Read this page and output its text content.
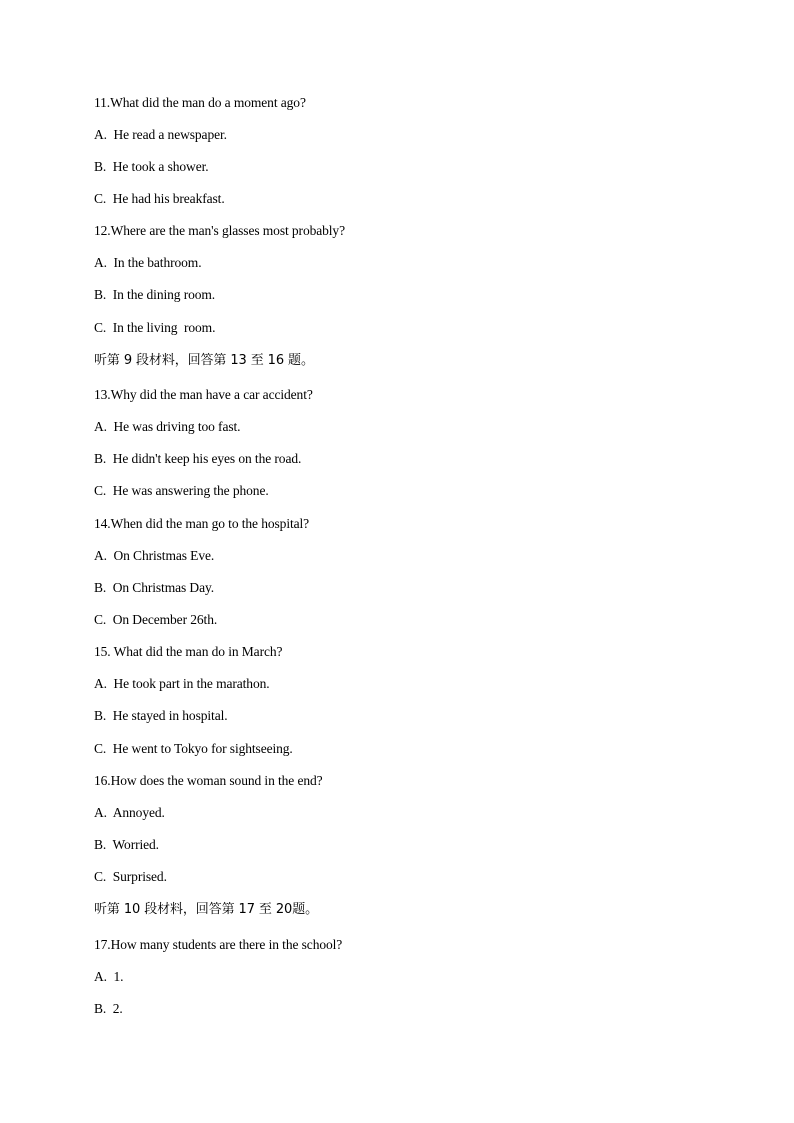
11.What did the man do a moment ago?
A.  He read a newspaper.
B.  He took a shower.
C.  He had his breakfast.
12.Where are the man's glasses most probably?
A.  In the bathroom.
B.  In the dining room.
C.  In the living  room.
听第 9 段材料，回答第 13 至 16 题。
13.Why did the man have a car accident?
A.  He was driving too fast.
B.  He didn't keep his eyes on the road.
C.  He was answering the phone.
14.When did the man go to the hospital?
A.  On Christmas Eve.
B.  On Christmas Day.
C.  On December 26th.
15. What did the man do in March?
A.  He took part in the marathon.
B.  He stayed in hospital.
C.  He went to Tokyo for sightseeing.
16.How does the woman sound in the end?
A.  Annoyed.
B.  Worried.
C.  Surprised.
听第 10 段材料，回答第 17 至 20题。
17.How many students are there in the school?
A.  1.
B.  2.
